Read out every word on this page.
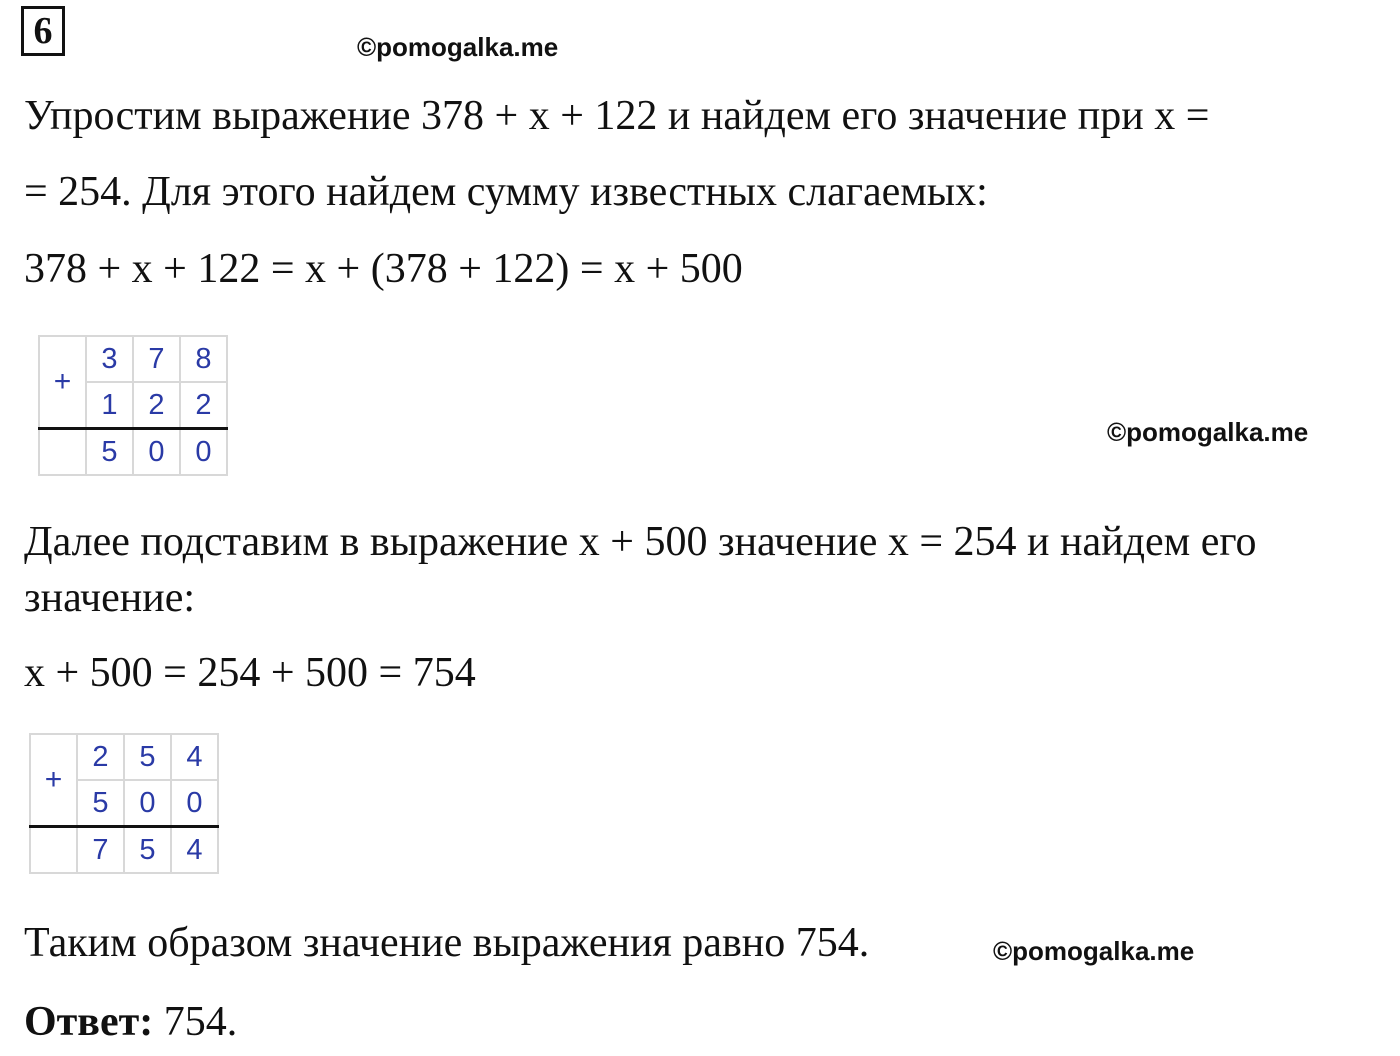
6	©pomogalka.me
Упростим выражение 378 + x + 122 и найдем его значение при x =
= 254. Для этого найдем сумму известных слагаемых:
378 + x + 122 = x + (378 + 122) = x + 500
+	3	7	8
	1	2	2
	5	0	0
©pomogalka.me
Далее подставим в выражение x + 500 значение x = 254 и найдем его
значение:
x + 500 = 254 + 500 = 754
+	2	5	4
	5	0	0
	7	5	4
Таким образом значение выражения равно 754.	©pomogalka.me
Ответ: 754.
